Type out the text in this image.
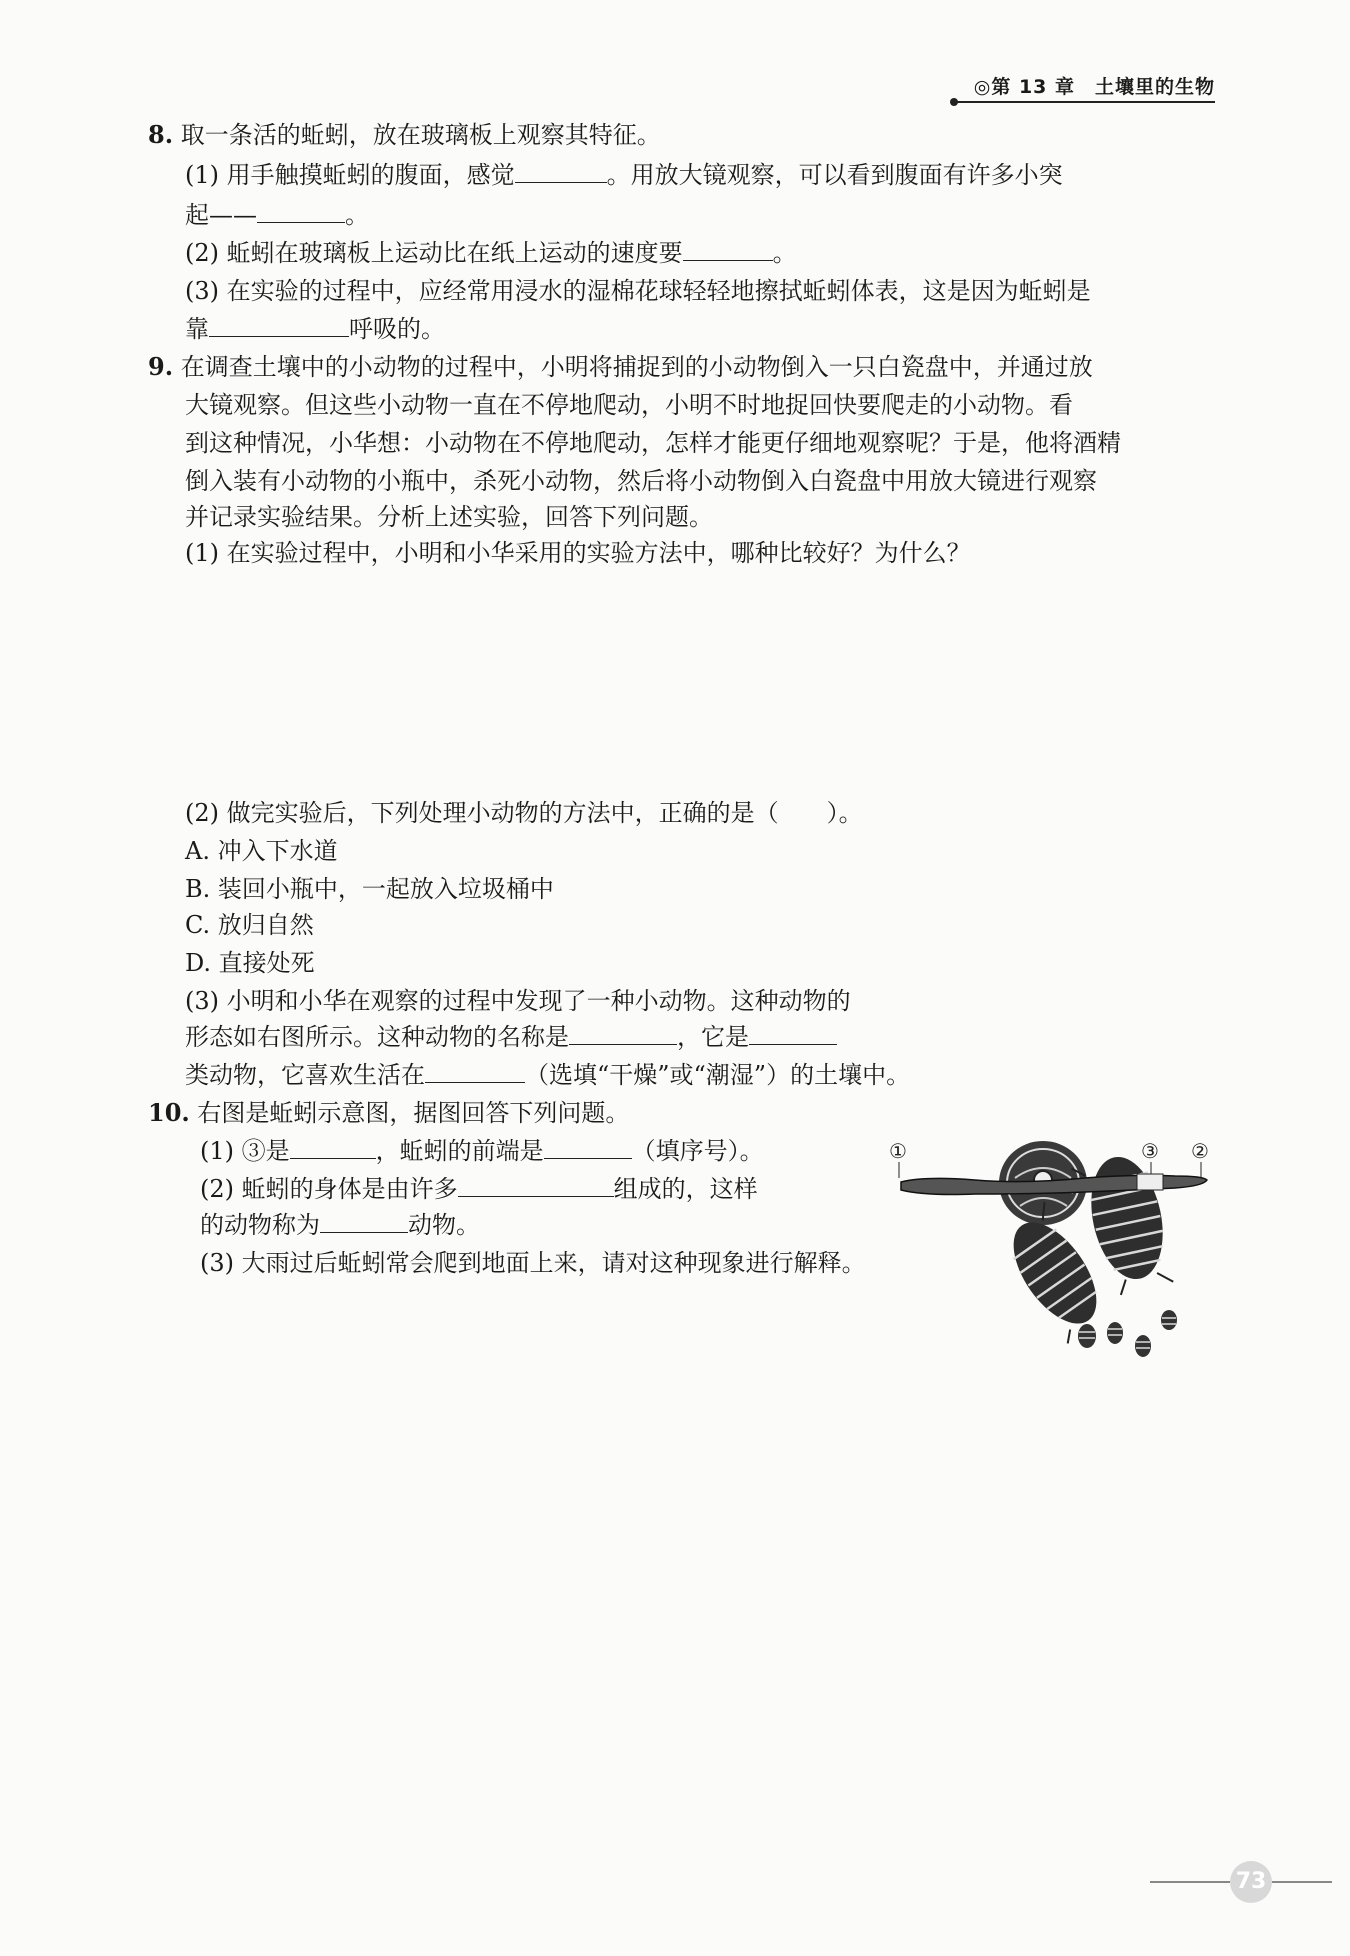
◎第 13 章　土壤里的生物
8. 取一条活的蚯蚓，放在玻璃板上观察其特征。
(1) 用手触摸蚯蚓的腹面，感觉	。用放大镜观察，可以看到腹面有许多小突
起——	。
(2) 蚯蚓在玻璃板上运动比在纸上运动的速度要	。
(3) 在实验的过程中，应经常用浸水的湿棉花球轻轻地擦拭蚯蚓体表，这是因为蚯蚓是
靠	呼吸的。
9. 在调查土壤中的小动物的过程中，小明将捕捉到的小动物倒入一只白瓷盘中，并通过放
大镜观察。但这些小动物一直在不停地爬动，小明不时地捉回快要爬走的小动物。看
到这种情况，小华想：小动物在不停地爬动，怎样才能更仔细地观察呢？于是，他将酒精
倒入装有小动物的小瓶中，杀死小动物，然后将小动物倒入白瓷盘中用放大镜进行观察
并记录实验结果。分析上述实验，回答下列问题。
(1) 在实验过程中，小明和小华采用的实验方法中，哪种比较好？为什么？
(2) 做完实验后，下列处理小动物的方法中，正确的是（　　）。
A. 冲入下水道
B. 装回小瓶中，一起放入垃圾桶中
C. 放归自然
D. 直接处死
(3) 小明和小华在观察的过程中发现了一种小动物。这种动物的
形态如右图所示。这种动物的名称是	，它是
类动物，它喜欢生活在	（选填“干燥”或“潮湿”）的土壤中。
10. 右图是蚯蚓示意图，据图回答下列问题。
(1) ③是	，蚯蚓的前端是	（填序号）。
(2) 蚯蚓的身体是由许多	组成的，这样
的动物称为	动物。
(3) 大雨过后蚯蚓常会爬到地面上来，请对这种现象进行解释。
①	③ ②
73
